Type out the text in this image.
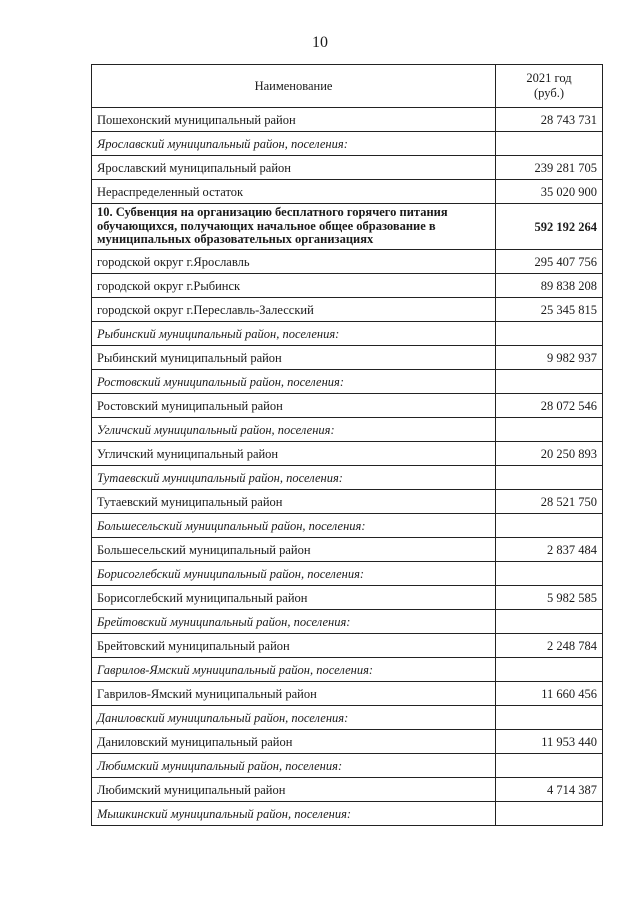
10
Наименование	2021 год
(руб.)
Пошехонский муниципальный район	28 743 731
Ярославский муниципальный район, поселения:	
Ярославский муниципальный район	239 281 705
Нераспределенный остаток	35 020 900
10. Субвенция на организацию бесплатного горячего питания обучающихся, получающих начальное общее образование в муниципальных образовательных организациях	592 192 264
городской округ г.Ярославль	295 407 756
городской округ г.Рыбинск	89 838 208
городской округ г.Переславль-Залесский	25 345 815
Рыбинский муниципальный район, поселения:	
Рыбинский муниципальный район	9 982 937
Ростовский муниципальный район, поселения:	
Ростовский муниципальный район	28 072 546
Угличский муниципальный район, поселения:	
Угличский муниципальный район	20 250 893
Тутаевский муниципальный район, поселения:	
Тутаевский муниципальный район	28 521 750
Большесельский муниципальный район, поселения:	
Большесельский муниципальный район	2 837 484
Борисоглебский муниципальный район, поселения:	
Борисоглебский муниципальный район	5 982 585
Брейтовский муниципальный район, поселения:	
Брейтовский муниципальный район	2 248 784
Гаврилов-Ямский муниципальный район, поселения:	
Гаврилов-Ямский муниципальный район	11 660 456
Даниловский муниципальный район, поселения:	
Даниловский муниципальный район	11 953 440
Любимский муниципальный район, поселения:	
Любимский муниципальный район	4 714 387
Мышкинский муниципальный район, поселения:	
